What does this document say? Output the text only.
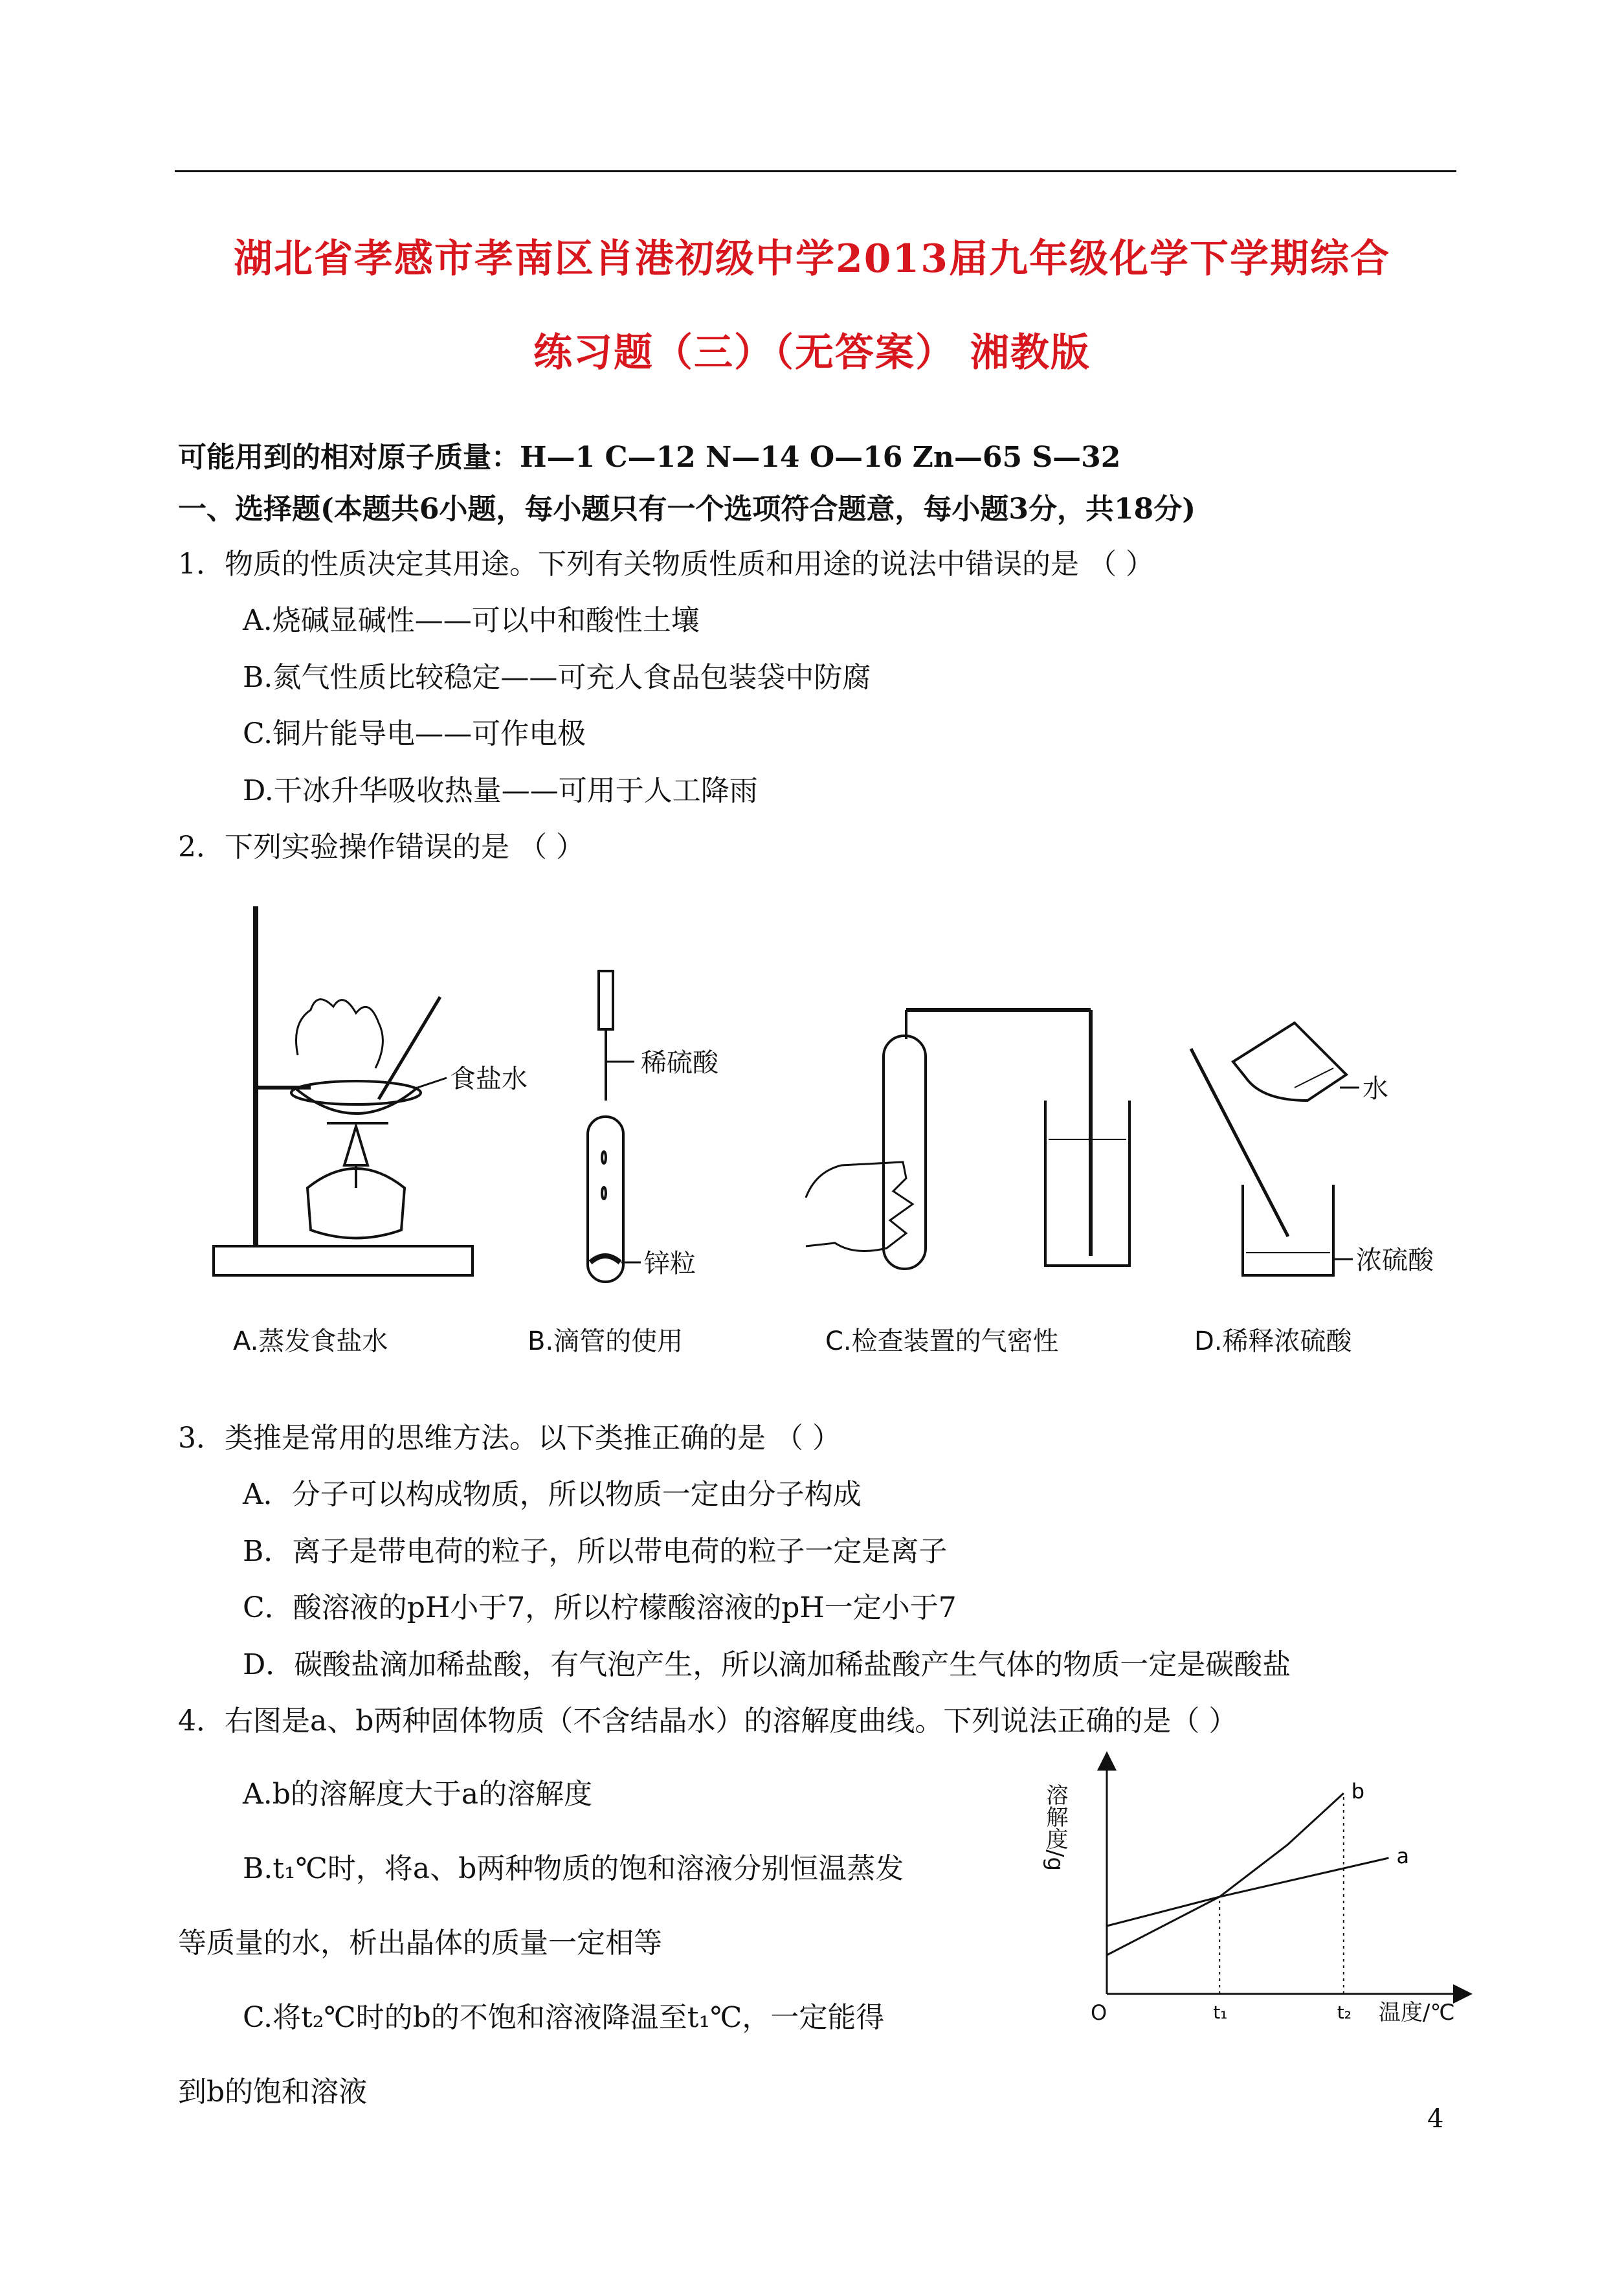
湖北省孝感市孝南区肖港初级中学2013届九年级化学下学期综合
练习题（三）（无答案） 湘教版
可能用到的相对原子质量：H—1 C—12 N—14 O—16 Zn—65 S—32
一、选择题(本题共6小题，每小题只有一个选项符合题意，每小题3分，共18分)
1．物质的性质决定其用途。下列有关物质性质和用途的说法中错误的是 （ ）
A.烧碱显碱性——可以中和酸性土壤
B.氮气性质比较稳定——可充人食品包装袋中防腐
C.铜片能导电——可作电极
D.干冰升华吸收热量——可用于人工降雨
2．下列实验操作错误的是 （ ）
食盐水
稀硫酸
锌粒
水
浓硫酸
A.蒸发食盐水	B.滴管的使用	C.检查装置的气密性	D.稀释浓硫酸
3．类推是常用的思维方法。以下类推正确的是 （ ）
A．分子可以构成物质，所以物质一定由分子构成
B．离子是带电荷的粒子，所以带电荷的粒子一定是离子
C．酸溶液的pH小于7，所以柠檬酸溶液的pH一定小于7
D．碳酸盐滴加稀盐酸，有气泡产生，所以滴加稀盐酸产生气体的物质一定是碳酸盐
4．右图是a、b两种固体物质（不含结晶水）的溶解度曲线。下列说法正确的是（ ）
A.b的溶解度大于a的溶解度
B.t₁℃时，将a、b两种物质的饱和溶液分别恒温蒸发
等质量的水，析出晶体的质量一定相等
C.将t₂℃时的b的不饱和溶液降温至t₁℃，一定能得
到b的饱和溶液
a
b
t₁	t₂
溶解度/g
温度/℃
O
4
